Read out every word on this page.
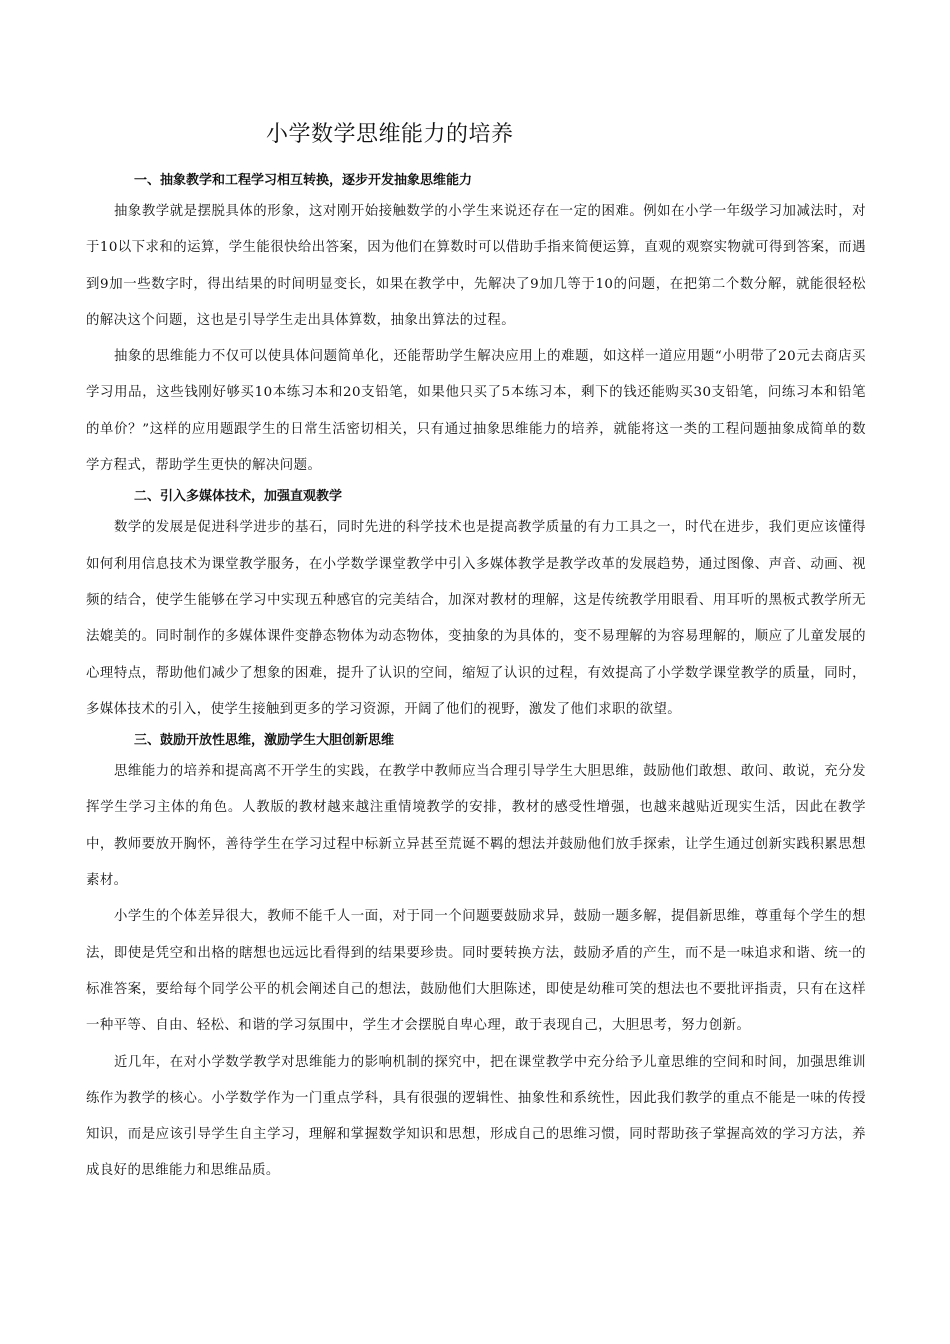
小学数学思维能力的培养
一、抽象教学和工程学习相互转换，逐步开发抽象思维能力

抽象教学就是摆脱具体的形象，这对刚开始接触数学的小学生来说还存在一定的困难。例如在小学一年级学习加减法时，对于10以下求和的运算，学生能很快给出答案，因为他们在算数时可以借助手指来简便运算，直观的观察实物就可得到答案，而遇到9加一些数字时，得出结果的时间明显变长，如果在教学中，先解决了9加几等于10的问题，在把第二个数分解，就能很轻松的解决这个问题，这也是引导学生走出具体算数，抽象出算法的过程。

抽象的思维能力不仅可以使具体问题简单化，还能帮助学生解决应用上的难题，如这样一道应用题“小明带了20元去商店买学习用品，这些钱刚好够买10本练习本和20支铅笔，如果他只买了5本练习本，剩下的钱还能购买30支铅笔，问练习本和铅笔的单价？”这样的应用题跟学生的日常生活密切相关，只有通过抽象思维能力的培养，就能将这一类的工程问题抽象成简单的数学方程式，帮助学生更快的解决问题。

二、引入多媒体技术，加强直观教学

数学的发展是促进科学进步的基石，同时先进的科学技术也是提高教学质量的有力工具之一，时代在进步，我们更应该懂得如何利用信息技术为课堂教学服务，在小学数学课堂教学中引入多媒体教学是教学改革的发展趋势，通过图像、声音、动画、视频的结合，使学生能够在学习中实现五种感官的完美结合，加深对教材的理解，这是传统教学用眼看、用耳听的黑板式教学所无法媲美的。同时制作的多媒体课件变静态物体为动态物体，变抽象的为具体的，变不易理解的为容易理解的，顺应了儿童发展的心理特点，帮助他们减少了想象的困难，提升了认识的空间，缩短了认识的过程，有效提高了小学数学课堂教学的质量，同时，多媒体技术的引入，使学生接触到更多的学习资源，开阔了他们的视野，激发了他们求职的欲望。

三、鼓励开放性思维，激励学生大胆创新思维

思维能力的培养和提高离不开学生的实践，在教学中教师应当合理引导学生大胆思维，鼓励他们敢想、敢问、敢说，充分发挥学生学习主体的角色。人教版的教材越来越注重情境教学的安排，教材的感受性增强，也越来越贴近现实生活，因此在教学中，教师要放开胸怀，善待学生在学习过程中标新立异甚至荒诞不羁的想法并鼓励他们放手探索，让学生通过创新实践积累思想素材。

小学生的个体差异很大，教师不能千人一面，对于同一个问题要鼓励求异，鼓励一题多解，提倡新思维，尊重每个学生的想法，即使是凭空和出格的瞎想也远远比看得到的结果要珍贵。同时要转换方法，鼓励矛盾的产生，而不是一味追求和谐、统一的标准答案，要给每个同学公平的机会阐述自己的想法，鼓励他们大胆陈述，即使是幼稚可笑的想法也不要批评指责，只有在这样一种平等、自由、轻松、和谐的学习氛围中，学生才会摆脱自卑心理，敢于表现自己，大胆思考，努力创新。

近几年，在对小学数学教学对思维能力的影响机制的探究中，把在课堂教学中充分给予儿童思维的空间和时间，加强思维训练作为教学的核心。小学数学作为一门重点学科，具有很强的逻辑性、抽象性和系统性，因此我们教学的重点不能是一味的传授知识，而是应该引导学生自主学习，理解和掌握数学知识和思想，形成自己的思维习惯，同时帮助孩子掌握高效的学习方法，养成良好的思维能力和思维品质。
